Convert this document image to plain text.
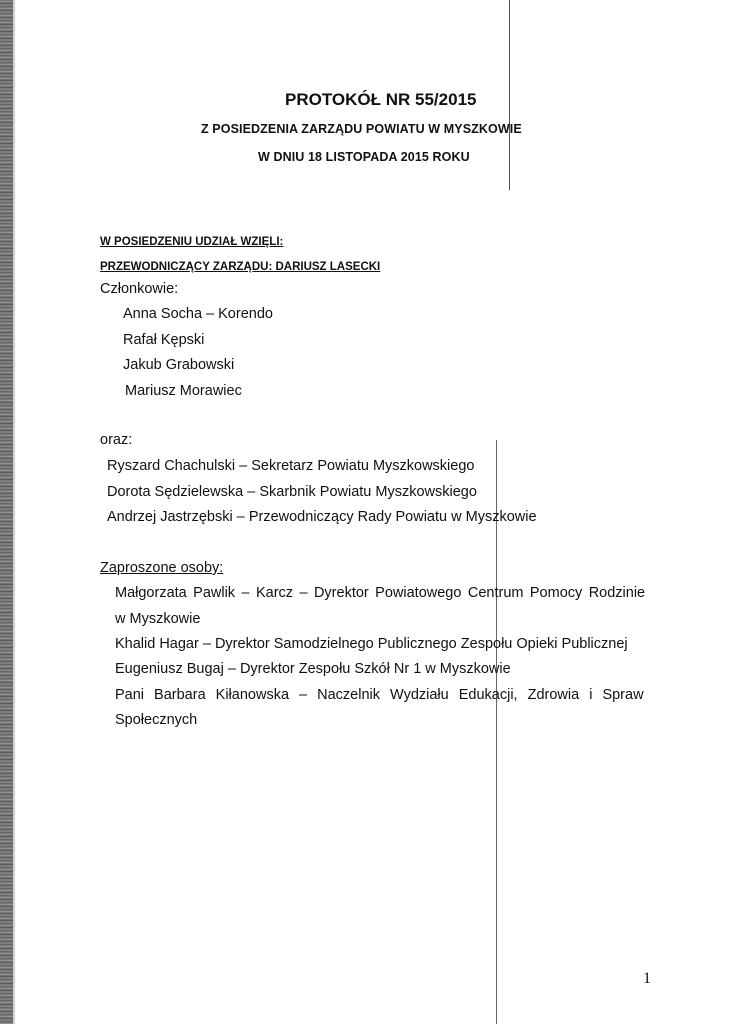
PROTOKÓŁ NR 55/2015
Z POSIEDZENIA ZARZĄDU POWIATU W MYSZKOWIE
W DNIU 18 LISTOPADA 2015 ROKU
W POSIEDZENIU UDZIAŁ WZIĘLI:
PRZEWODNICZĄCY ZARZĄDU: DARIUSZ LASECKI
Członkowie:
Anna Socha – Korendo
Rafał Kępski
Jakub Grabowski
Mariusz Morawiec
oraz:
Ryszard Chachulski – Sekretarz Powiatu Myszkowskiego
Dorota Sędzielewska – Skarbnik Powiatu Myszkowskiego
Andrzej Jastrzębski – Przewodniczący Rady Powiatu w Myszkowie
Zaproszone osoby:
Małgorzata Pawlik – Karcz – Dyrektor Powiatowego Centrum Pomocy Rodzinie
w Myszkowie
Khalid Hagar – Dyrektor Samodzielnego Publicznego Zespołu Opieki Publicznej
Eugeniusz Bugaj – Dyrektor Zespołu Szkół Nr 1 w Myszkowie
Pani Barbara Kiłanowska – Naczelnik Wydziału Edukacji, Zdrowia i Spraw
Społecznych
1
